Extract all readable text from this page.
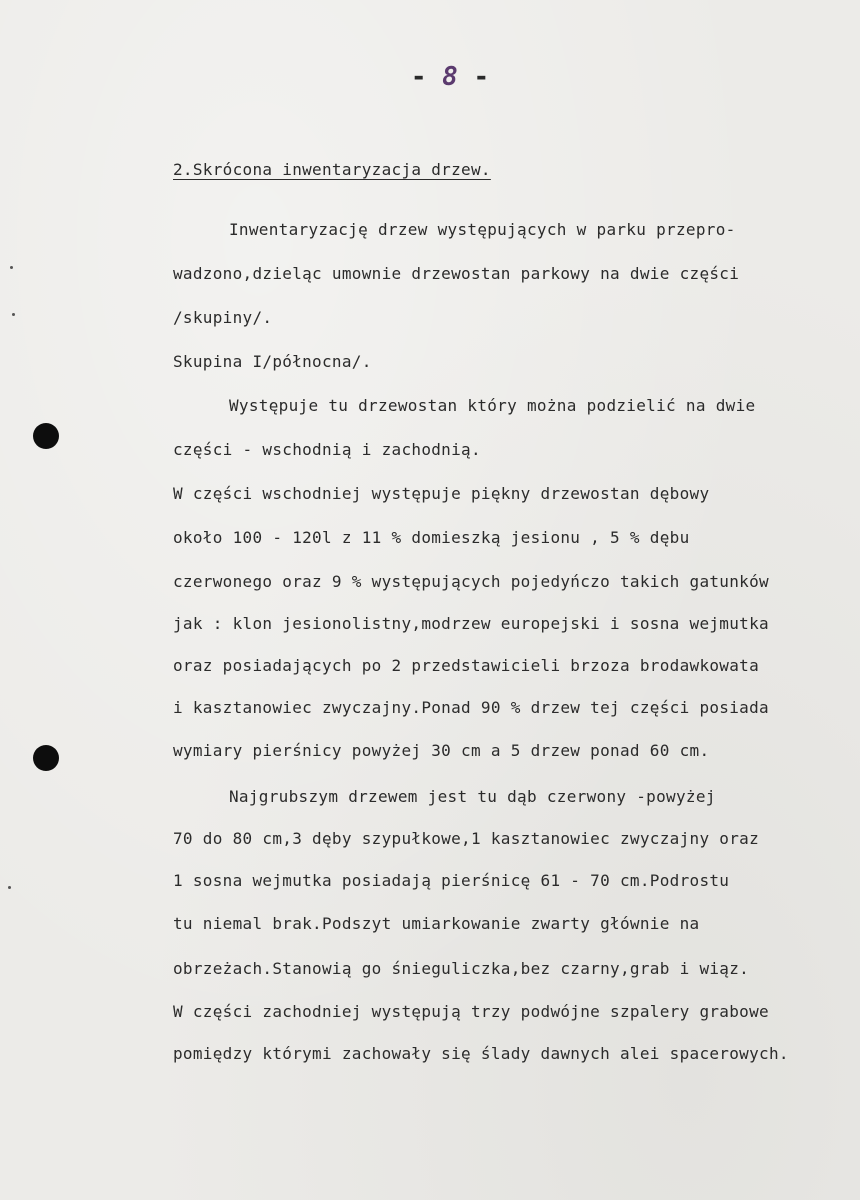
- 8 -
2.Skrócona inwentaryzacja drzew.
Inwentaryzację drzew występujących w parku przepro-
wadzono,dzieląc umownie drzewostan parkowy na dwie części
/skupiny/.
Skupina I/północna/.
Występuje tu drzewostan który można podzielić na dwie
części - wschodnią i zachodnią.
W części wschodniej występuje piękny drzewostan dębowy
około 100 - 120l z 11 % domieszką jesionu , 5 % dębu
czerwonego oraz 9 % występujących pojedyńczo takich gatunków
jak : klon jesionolistny,modrzew europejski i sosna wejmutka
oraz posiadających po 2 przedstawicieli brzoza brodawkowata
i kasztanowiec zwyczajny.Ponad 90 % drzew tej części posiada
wymiary pierśnicy powyżej 30 cm a 5 drzew ponad 60 cm.
Najgrubszym drzewem jest tu dąb czerwony -powyżej
70 do 80 cm,3 dęby szypułkowe,1 kasztanowiec zwyczajny oraz
1 sosna wejmutka posiadają pierśnicę 61 - 70 cm.Podrostu
tu niemal brak.Podszyt umiarkowanie zwarty głównie na
obrzeżach.Stanowią go śnieguliczka,bez czarny,grab i wiąz.
W części zachodniej występują trzy podwójne szpalery grabowe
pomiędzy którymi zachowały się ślady dawnych alei spacerowych.
